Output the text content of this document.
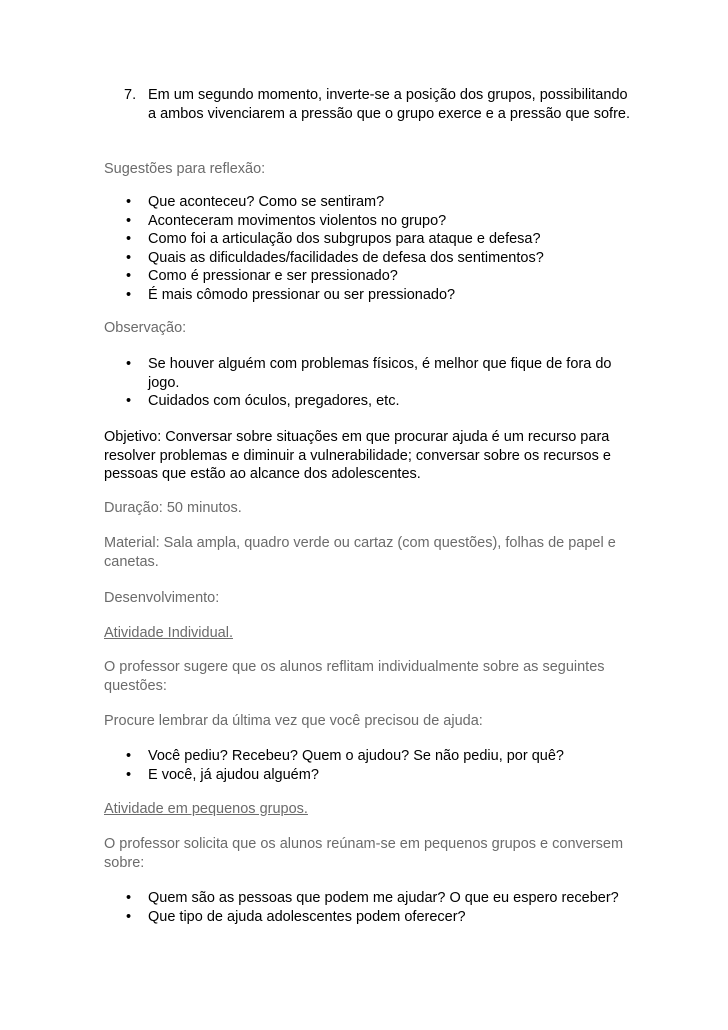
7. Em um segundo momento, inverte-se a posição dos grupos, possibilitando a ambos vivenciarem a pressão que o grupo exerce e a pressão que sofre.

Sugestões para reflexão:

•	Que aconteceu? Como se sentiram?
•	Aconteceram movimentos violentos no grupo?
•	Como foi a articulação dos subgrupos para ataque e defesa?
•	Quais as dificuldades/facilidades de defesa dos sentimentos?
•	Como é pressionar e ser pressionado?
•	É mais cômodo pressionar ou ser pressionado?

Observação:

•	Se houver alguém com problemas físicos, é melhor que fique de fora do jogo.
•	Cuidados com óculos, pregadores, etc.

Objetivo: Conversar sobre situações em que procurar ajuda é um recurso para resolver problemas e diminuir a vulnerabilidade; conversar sobre os recursos e pessoas que estão ao alcance dos adolescentes.

Duração: 50 minutos.

Material: Sala ampla, quadro verde ou cartaz (com questões), folhas de papel e canetas.

Desenvolvimento:

Atividade Individual.

O professor sugere que os alunos reflitam individualmente sobre as seguintes questões:

Procure lembrar da última vez que você precisou de ajuda:

•	Você pediu? Recebeu? Quem o ajudou? Se não pediu, por quê?
•	E você, já ajudou alguém?

Atividade em pequenos grupos.

O professor solicita que os alunos reúnam-se em pequenos grupos e conversem sobre:

•	Quem são as pessoas que podem me ajudar? O que eu espero receber?
•	Que tipo de ajuda adolescentes podem oferecer?
